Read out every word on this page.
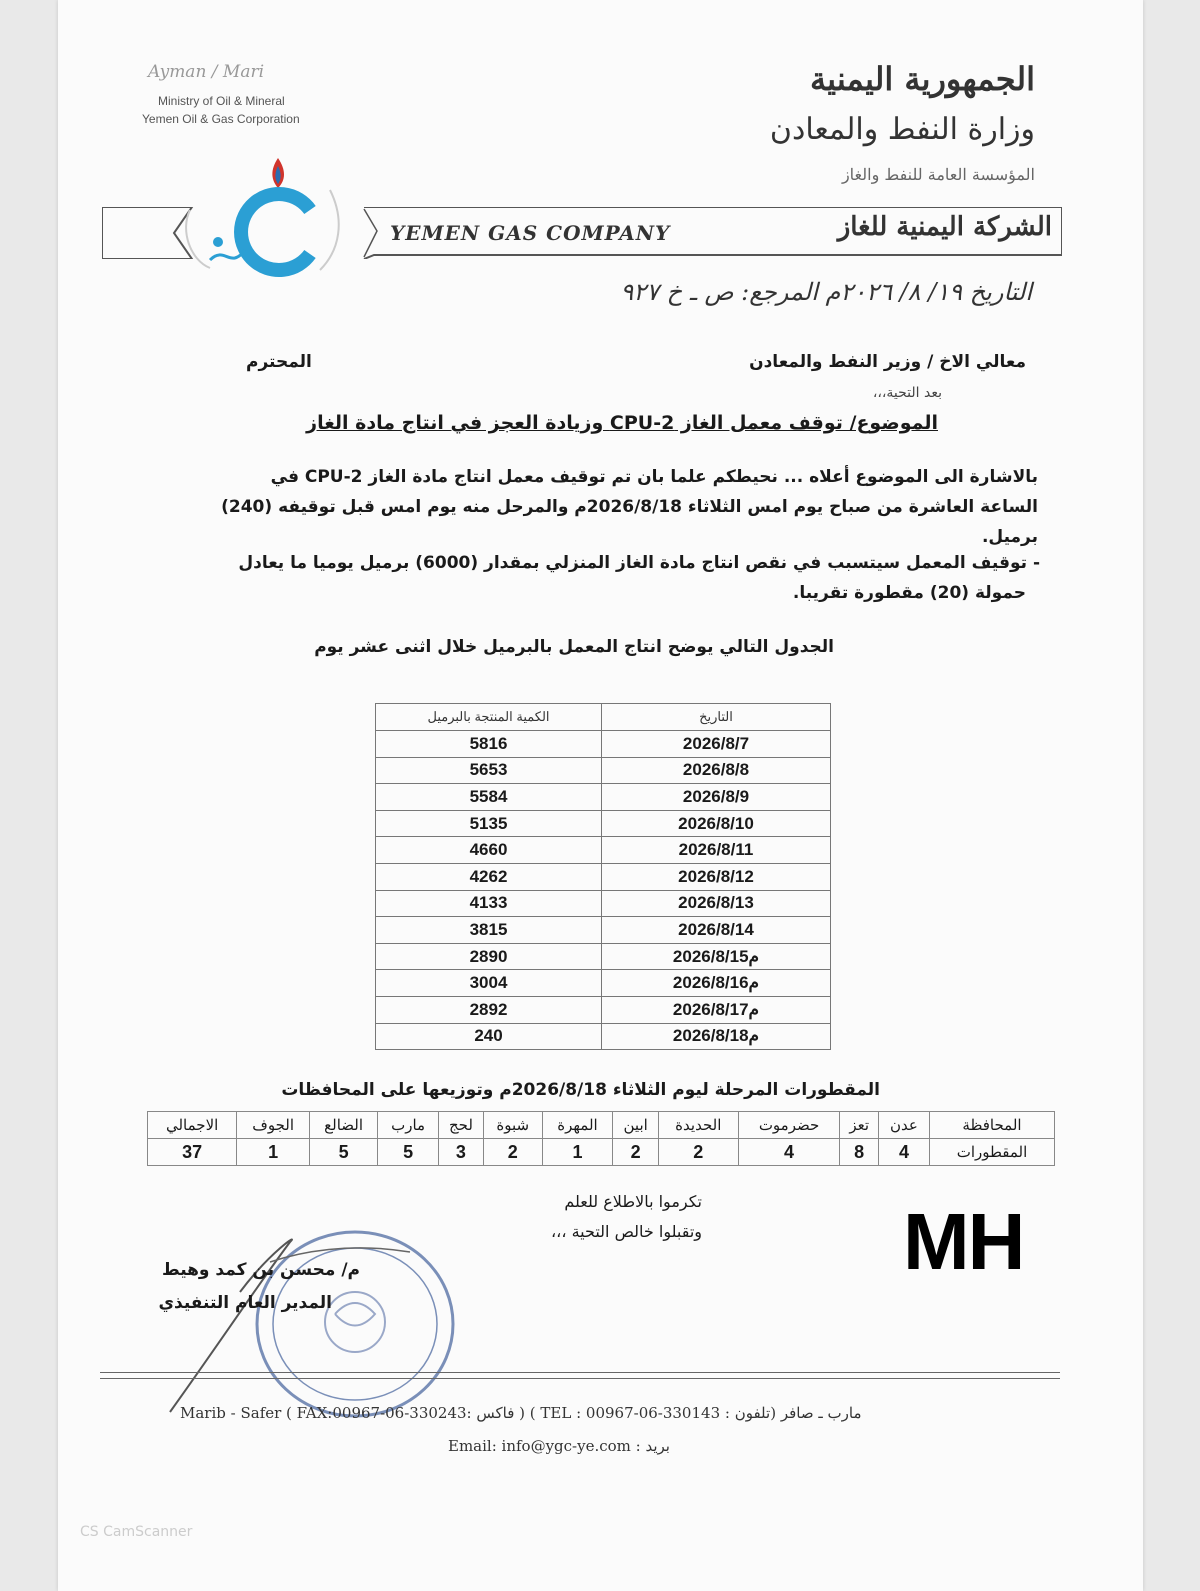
Ayman / Mari
Ministry of Oil & Mineral
Yemen Oil & Gas Corporation
الجمهورية اليمنية
وزارة النفط والمعادن
المؤسسة العامة للنفط والغاز
YEMEN GAS COMPANY	الشركة اليمنية للغاز
التاريخ ١٩/ ٨/ ٢٠٢٦م المرجع: ص ـ خ ٩٢٧
معالي الاخ / وزير النفط والمعادن
المحترم
بعد التحية،،،
الموضوع/ توقف معمل الغاز CPU-2 وزيادة العجز في انتاج مادة الغاز
بالاشارة الى الموضوع أعلاه ... نحيطكم علما بان تم توقيف معمل انتاج مادة الغاز CPU-2 في
الساعة العاشرة من صباح يوم امس الثلاثاء 2026/8/18م والمرحل منه يوم امس قبل توقيفه (240)
برميل.
- توقيف المعمل سيتسبب في نقص انتاج مادة الغاز المنزلي بمقدار (6000) برميل يوميا ما يعادل
حمولة (20) مقطورة تقريبا.
الجدول التالي يوضح انتاج المعمل بالبرميل خلال اثنى عشر يوم
الكمية المنتجة بالبرميل	التاريخ
5816	2026/8/7
5653	2026/8/8
5584	2026/8/9
5135	2026/8/10
4660	2026/8/11
4262	2026/8/12
4133	2026/8/13
3815	2026/8/14
2890	2026/8/15م
3004	2026/8/16م
2892	2026/8/17م
240	2026/8/18م
المقطورات المرحلة ليوم الثلاثاء 2026/8/18م وتوزيعها على المحافظات
المحافظة	عدن	تعز	حضرموت	الحديدة	ابين	المهرة	شبوة	لحج	مارب	الضالع	الجوف	الاجمالي
المقطورات	4	8	4	2	2	1	2	3	5	5	1	37
تكرموا بالاطلاع للعلم
وتقبلوا خالص التحية ،،،	MH
م/ محسن بن كمد وهيط
المدير العام التنفيذي
Marib - Safer ( FAX:00967-06-330243: فاكس ) ( TEL : 00967-06-330143 : تلفون) مارب ـ صافر
Email: info@ygc-ye.com : بريد
CS CamScanner
